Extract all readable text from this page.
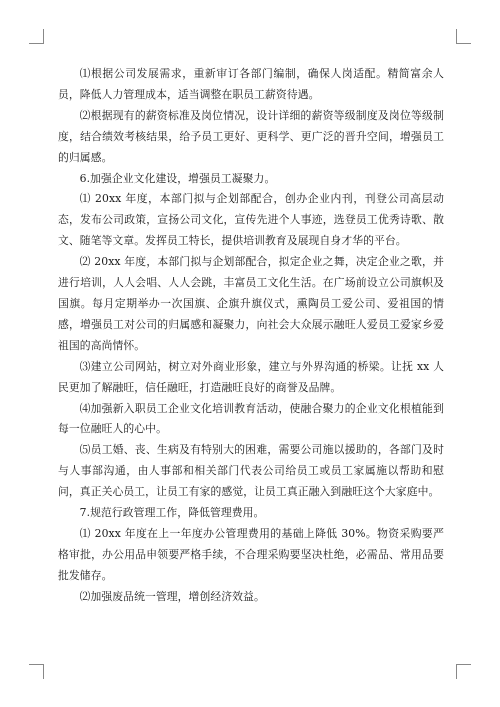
⑴根据公司发展需求，重新审订各部门编制，确保人岗适配。精简富余人员，降低人力管理成本，适当调整在职员工薪资待遇。

⑵根据现有的薪资标准及岗位情况，设计详细的薪资等级制度及岗位等级制度，结合绩效考核结果，给予员工更好、更科学、更广泛的晋升空间，增强员工的归属感。

6.加强企业文化建设，增强员工凝聚力。

⑴ 20xx 年度，本部门拟与企划部配合，创办企业内刊，刊登公司高层动态，发布公司政策，宣扬公司文化，宣传先进个人事迹，选登员工优秀诗歌、散文、随笔等文章。发挥员工特长，提供培训教育及展现自身才华的平台。

⑵ 20xx 年度，本部门拟与企划部配合，拟定企业之舞，决定企业之歌，并进行培训，人人会唱、人人会跳，丰富员工文化生活。在广场前设立公司旗帜及国旗。每月定期举办一次国旗、企旗升旗仪式，熏陶员工爱公司、爱祖国的情感，增强员工对公司的归属感和凝聚力，向社会大众展示融旺人爱员工爱家乡爱祖国的高尚情怀。

⑶建立公司网站，树立对外商业形象，建立与外界沟通的桥梁。让抚 xx 人民更加了解融旺，信任融旺，打造融旺良好的商誉及品牌。

⑷加强新入职员工企业文化培训教育活动，使融合聚力的企业文化根植能到每一位融旺人的心中。

⑸员工婚、丧、生病及有特别大的困难，需要公司施以援助的，各部门及时与人事部沟通，由人事部和相关部门代表公司给员工或员工家属施以帮助和慰问，真正关心员工，让员工有家的感觉，让员工真正融入到融旺这个大家庭中。

7.规范行政管理工作，降低管理费用。

⑴ 20xx 年度在上一年度办公管理费用的基础上降低 30%。物资采购要严格审批，办公用品申领要严格手续，不合理采购要坚决杜绝，必需品、常用品要批发储存。

⑵加强废品统一管理，增创经济效益。
